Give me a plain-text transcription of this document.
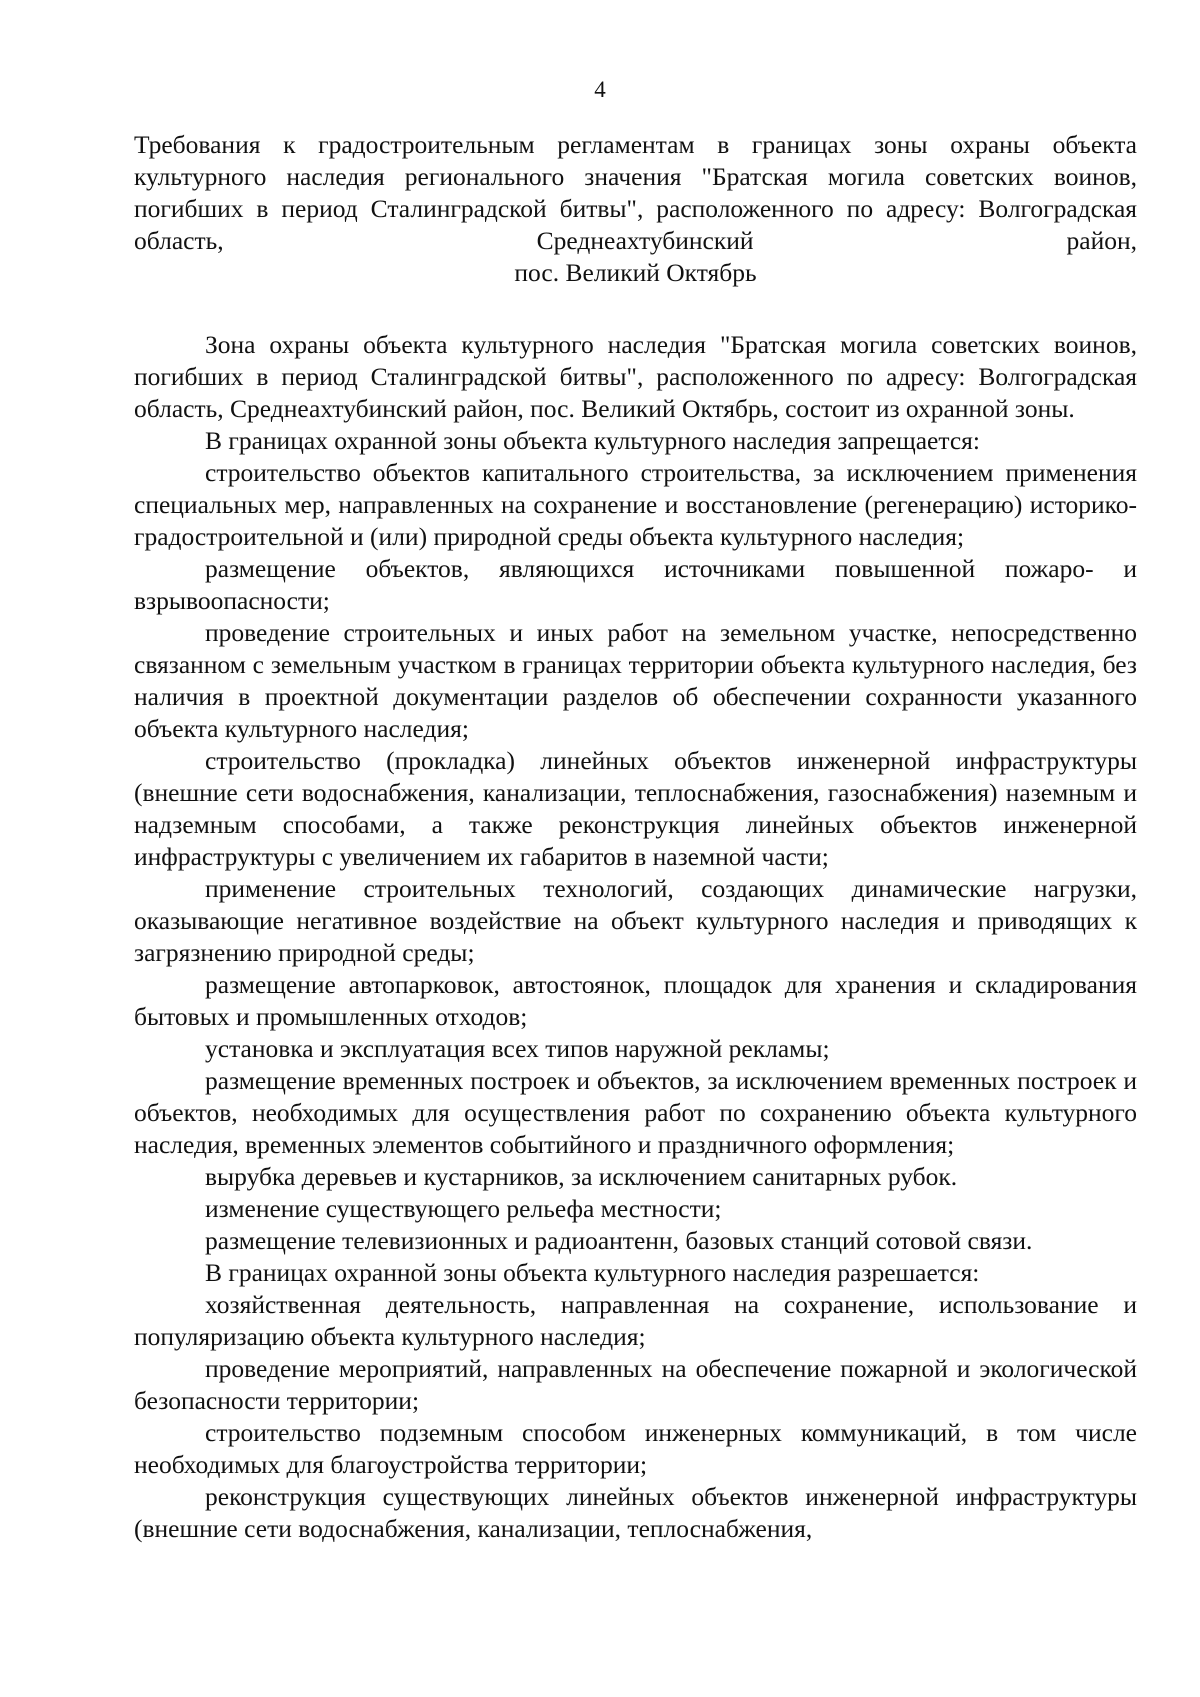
4
Требования к градостроительным регламентам в границах зоны охраны объекта культурного наследия регионального значения "Братская могила советских воинов, погибших в период Сталинградской битвы", расположенного по адресу: Волгоградская область, Среднеахтубинский район,
пос. Великий Октябрь

Зона охраны объекта культурного наследия "Братская могила советских воинов, погибших в период Сталинградской битвы", расположенного по адресу: Волгоградская область, Среднеахтубинский район, пос. Великий Октябрь, состоит из охранной зоны.

В границах охранной зоны объекта культурного наследия запрещается:

строительство объектов капитального строительства, за исключением применения специальных мер, направленных на сохранение и восстановление (регенерацию) историко-градостроительной и (или) природной среды объекта культурного наследия;

размещение объектов, являющихся источниками повышенной пожаро- и взрывоопасности;

проведение строительных и иных работ на земельном участке, непосредственно связанном с земельным участком в границах территории объекта культурного наследия, без наличия в проектной документации разделов об обеспечении сохранности указанного объекта культурного наследия;

строительство (прокладка) линейных объектов инженерной инфраструктуры (внешние сети водоснабжения, канализации, теплоснабжения, газоснабжения) наземным и надземным способами, а также реконструкция линейных объектов инженерной инфраструктуры с увеличением их габаритов в наземной части;

применение строительных технологий, создающих динамические нагрузки, оказывающие негативное воздействие на объект культурного наследия и приводящих к загрязнению природной среды;

размещение автопарковок, автостоянок, площадок для хранения и складирования бытовых и промышленных отходов;

установка и эксплуатация всех типов наружной рекламы;

размещение временных построек и объектов, за исключением временных построек и объектов, необходимых для осуществления работ по сохранению объекта культурного наследия, временных элементов событийного и праздничного оформления;

вырубка деревьев и кустарников, за исключением санитарных рубок.

изменение существующего рельефа местности;

размещение телевизионных и радиоантенн, базовых станций сотовой связи.

В границах охранной зоны объекта культурного наследия разрешается:

хозяйственная деятельность, направленная на сохранение, использование и популяризацию объекта культурного наследия;

проведение мероприятий, направленных на обеспечение пожарной и экологической безопасности территории;

строительство подземным способом инженерных коммуникаций, в том числе необходимых для благоустройства территории;

реконструкция существующих линейных объектов инженерной инфраструктуры (внешние сети водоснабжения, канализации, теплоснабжения,
